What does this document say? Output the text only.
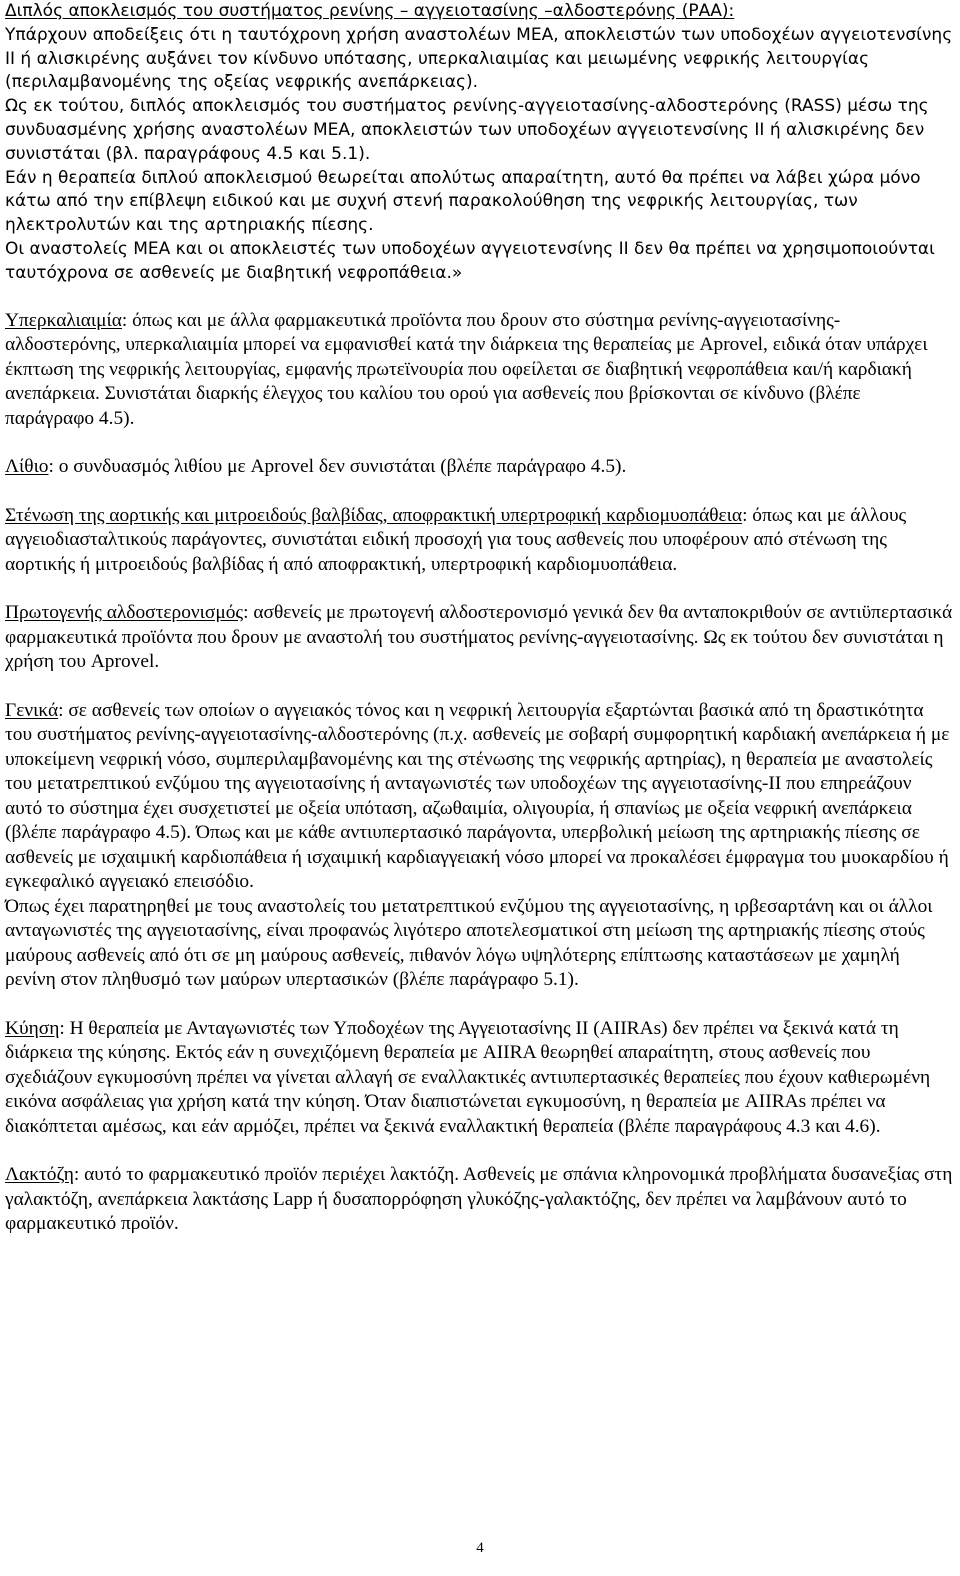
Διπλός αποκλεισμός του συστήματος ρενίνης – αγγειοτασίνης –αλδοστερόνης (ΡΑΑ):

Υπάρχουν αποδείξεις ότι η ταυτόχρονη χρήση αναστολέων ΜΕΑ, αποκλειστών των υποδοχέων αγγειοτενσίνης ΙΙ ή αλισκιρένης αυξάνει τον κίνδυνο υπότασης, υπερκαλιαιμίας και μειωμένης νεφρικής λειτουργίας (περιλαμβανομένης της οξείας νεφρικής ανεπάρκειας).

Ως εκ τούτου, διπλός αποκλεισμός του συστήματος ρενίνης-αγγειοτασίνης-αλδοστερόνης (RASS) μέσω της συνδυασμένης χρήσης αναστολέων ΜΕΑ, αποκλειστών των υποδοχέων αγγειοτενσίνης ΙΙ ή αλισκιρένης δεν συνιστάται (βλ. παραγράφους 4.5 και 5.1).

Εάν η θεραπεία διπλού αποκλεισμού θεωρείται απολύτως απαραίτητη, αυτό θα πρέπει να λάβει χώρα μόνο κάτω από την επίβλεψη ειδικού και με συχνή στενή παρακολούθηση της νεφρικής λειτουργίας, των ηλεκτρολυτών και της αρτηριακής πίεσης.

Οι αναστολείς ΜΕΑ και οι αποκλειστές των υποδοχέων αγγειοτενσίνης ΙΙ δεν θα πρέπει να χρησιμοποιούνται ταυτόχρονα σε ασθενείς με διαβητική νεφροπάθεια.»

Υπερκαλιαιμία: όπως και με άλλα φαρμακευτικά προϊόντα που δρουν στο σύστημα ρενίνης-αγγειοτασίνης-αλδοστερόνης, υπερκαλιαιμία μπορεί να εμφανισθεί κατά την διάρκεια της θεραπείας με Aprovel, ειδικά όταν υπάρχει έκπτωση της νεφρικής λειτουργίας, εμφανής πρωτεϊνουρία που οφείλεται σε διαβητική νεφροπάθεια και/ή καρδιακή ανεπάρκεια. Συνιστάται διαρκής έλεγχος του καλίου του ορού για ασθενείς που βρίσκονται σε κίνδυνο (βλέπε παράγραφο 4.5).

Λίθιο: ο συνδυασμός λιθίου με Aprovel δεν συνιστάται (βλέπε παράγραφο 4.5).

Στένωση της αορτικής και μιτροειδούς βαλβίδας, αποφρακτική υπερτροφική καρδιομυοπάθεια: όπως και με άλλους αγγειοδιασταλτικούς παράγοντες, συνιστάται ειδική προσοχή για τους ασθενείς που υποφέρουν από στένωση της αορτικής ή μιτροειδούς βαλβίδας ή από αποφρακτική, υπερτροφική καρδιομυοπάθεια.

Πρωτογενής αλδοστερονισμός: ασθενείς με πρωτογενή αλδοστερονισμό γενικά δεν θα ανταποκριθούν σε αντιϋπερτασικά φαρμακευτικά προϊόντα που δρουν με αναστολή του συστήματος ρενίνης-αγγειοτασίνης. Ως εκ τούτου δεν συνιστάται η χρήση του Aprovel.

Γενικά: σε ασθενείς των οποίων ο αγγειακός τόνος και η νεφρική λειτουργία εξαρτώνται βασικά από τη δραστικότητα του συστήματος ρενίνης-αγγειοτασίνης-αλδοστερόνης (π.χ. ασθενείς με σοβαρή συμφορητική καρδιακή ανεπάρκεια ή με υποκείμενη νεφρική νόσο, συμπεριλαμβανομένης και της στένωσης της νεφρικής αρτηρίας), η θεραπεία με αναστολείς του μετατρεπτικού ενζύμου της αγγειοτασίνης ή ανταγωνιστές των υποδοχέων της αγγειοτασίνης-ΙΙ που επηρεάζουν αυτό το σύστημα έχει συσχετιστεί με οξεία υπόταση, αζωθαιμία, ολιγουρία, ή σπανίως με οξεία νεφρική ανεπάρκεια (βλέπε παράγραφο 4.5). Όπως και με κάθε αντιυπερτασικό παράγοντα, υπερβολική μείωση της αρτηριακής πίεσης σε ασθενείς με ισχαιμική καρδιοπάθεια ή ισχαιμική καρδιαγγειακή νόσο μπορεί να προκαλέσει έμφραγμα του μυοκαρδίου ή εγκεφαλικό αγγειακό επεισόδιο.

Όπως έχει παρατηρηθεί με τους αναστολείς του μετατρεπτικού ενζύμου της αγγειοτασίνης, η ιρβεσαρτάνη και οι άλλοι ανταγωνιστές της αγγειοτασίνης, είναι προφανώς λιγότερο αποτελεσματικοί στη μείωση της αρτηριακής πίεσης στούς μαύρους ασθενείς από ότι σε μη μαύρους ασθενείς, πιθανόν λόγω υψηλότερης επίπτωσης καταστάσεων με χαμηλή ρενίνη στον πληθυσμό των μαύρων υπερτασικών (βλέπε παράγραφο 5.1).

Κύηση: Η θεραπεία με Ανταγωνιστές των Υποδοχέων της Αγγειοτασίνης ΙΙ (AIIRAs) δεν πρέπει να ξεκινά κατά τη διάρκεια της κύησης. Εκτός εάν η συνεχιζόμενη θεραπεία με AIIRA θεωρηθεί απαραίτητη, στους ασθενείς που σχεδιάζουν εγκυμοσύνη πρέπει να γίνεται αλλαγή σε εναλλακτικές αντιυπερτασικές θεραπείες που έχουν καθιερωμένη εικόνα ασφάλειας για χρήση κατά την κύηση. Όταν διαπιστώνεται εγκυμοσύνη, η θεραπεία με AIIRAs πρέπει να διακόπτεται αμέσως, και εάν αρμόζει, πρέπει να ξεκινά εναλλακτική θεραπεία (βλέπε παραγράφους 4.3 και 4.6).

Λακτόζη: αυτό το φαρμακευτικό προϊόν περιέχει λακτόζη. Ασθενείς με σπάνια κληρονομικά προβλήματα δυσανεξίας στη γαλακτόζη, ανεπάρκεια λακτάσης Lapp ή δυσαπορρόφηση γλυκόζης-γαλακτόζης, δεν πρέπει να λαμβάνουν αυτό το φαρμακευτικό προϊόν.

4
